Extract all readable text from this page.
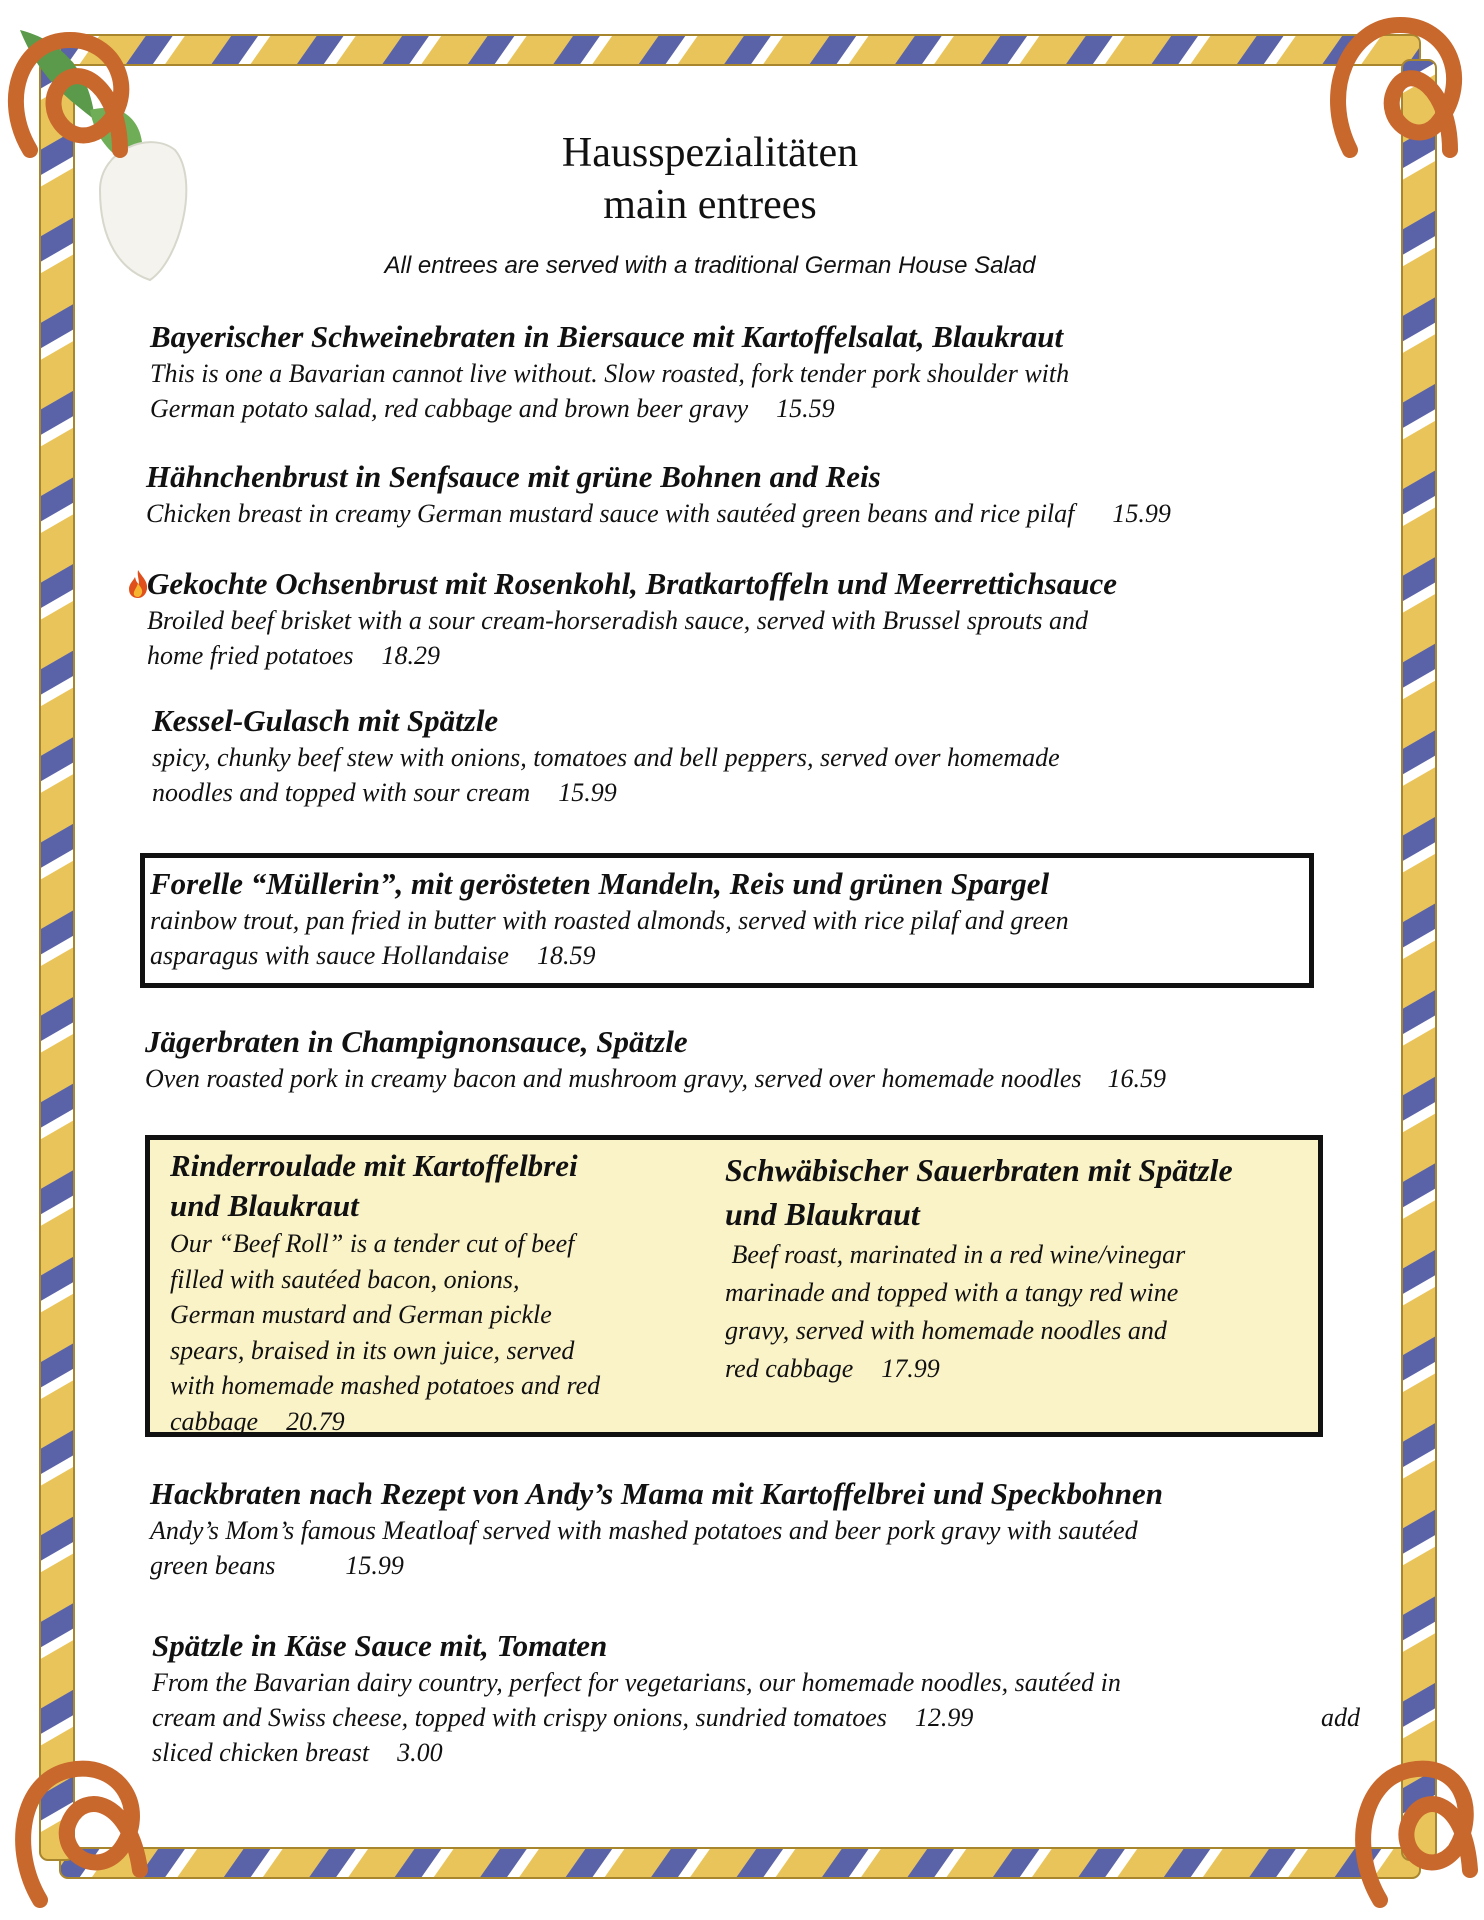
Hausspezialitäten
main entrees
All entrees are served with a traditional German House Salad
Bayerischer Schweinebraten in Biersauce mit Kartoffelsalat, Blaukraut
This is one a Bavarian cannot live without. Slow roasted, fork tender pork shoulder with
German potato salad, red cabbage and brown beer gravy 15.59
Hähnchenbrust in Senfsauce mit grüne Bohnen and Reis
Chicken breast in creamy German mustard sauce with sautéed green beans and rice pilaf 15.99
Gekochte Ochsenbrust mit Rosenkohl, Bratkartoffeln und Meerrettichsauce
Broiled beef brisket with a sour cream-horseradish sauce, served with Brussel sprouts and
home fried potatoes 18.29
Kessel-Gulasch mit Spätzle
spicy, chunky beef stew with onions, tomatoes and bell peppers, served over homemade
noodles and topped with sour cream 15.99
Forelle “Müllerin”, mit gerösteten Mandeln, Reis und grünen Spargel
rainbow trout, pan fried in butter with roasted almonds, served with rice pilaf and green
asparagus with sauce Hollandaise 18.59
Jägerbraten in Champignonsauce, Spätzle
Oven roasted pork in creamy bacon and mushroom gravy, served over homemade noodles 16.59
Rinderroulade mit Kartoffelbrei
und Blaukraut
Our “Beef Roll” is a tender cut of beef
filled with sautéed bacon, onions,
German mustard and German pickle
spears, braised in its own juice, served
with homemade mashed potatoes and red
cabbage 20.79
Schwäbischer Sauerbraten mit Spätzle
und Blaukraut
Beef roast, marinated in a red wine/vinegar
marinade and topped with a tangy red wine
gravy, served with homemade noodles and
red cabbage 17.99
Hackbraten nach Rezept von Andy’s Mama mit Kartoffelbrei und Speckbohnen
Andy’s Mom’s famous Meatloaf served with mashed potatoes and beer pork gravy with sautéed
green beans	15.99
Spätzle in Käse Sauce mit, Tomaten
From the Bavarian dairy country, perfect for vegetarians, our homemade noodles, sautéed in
cream and Swiss cheese, topped with crispy onions, sundried tomatoes 12.99	add
sliced chicken breast 3.00
